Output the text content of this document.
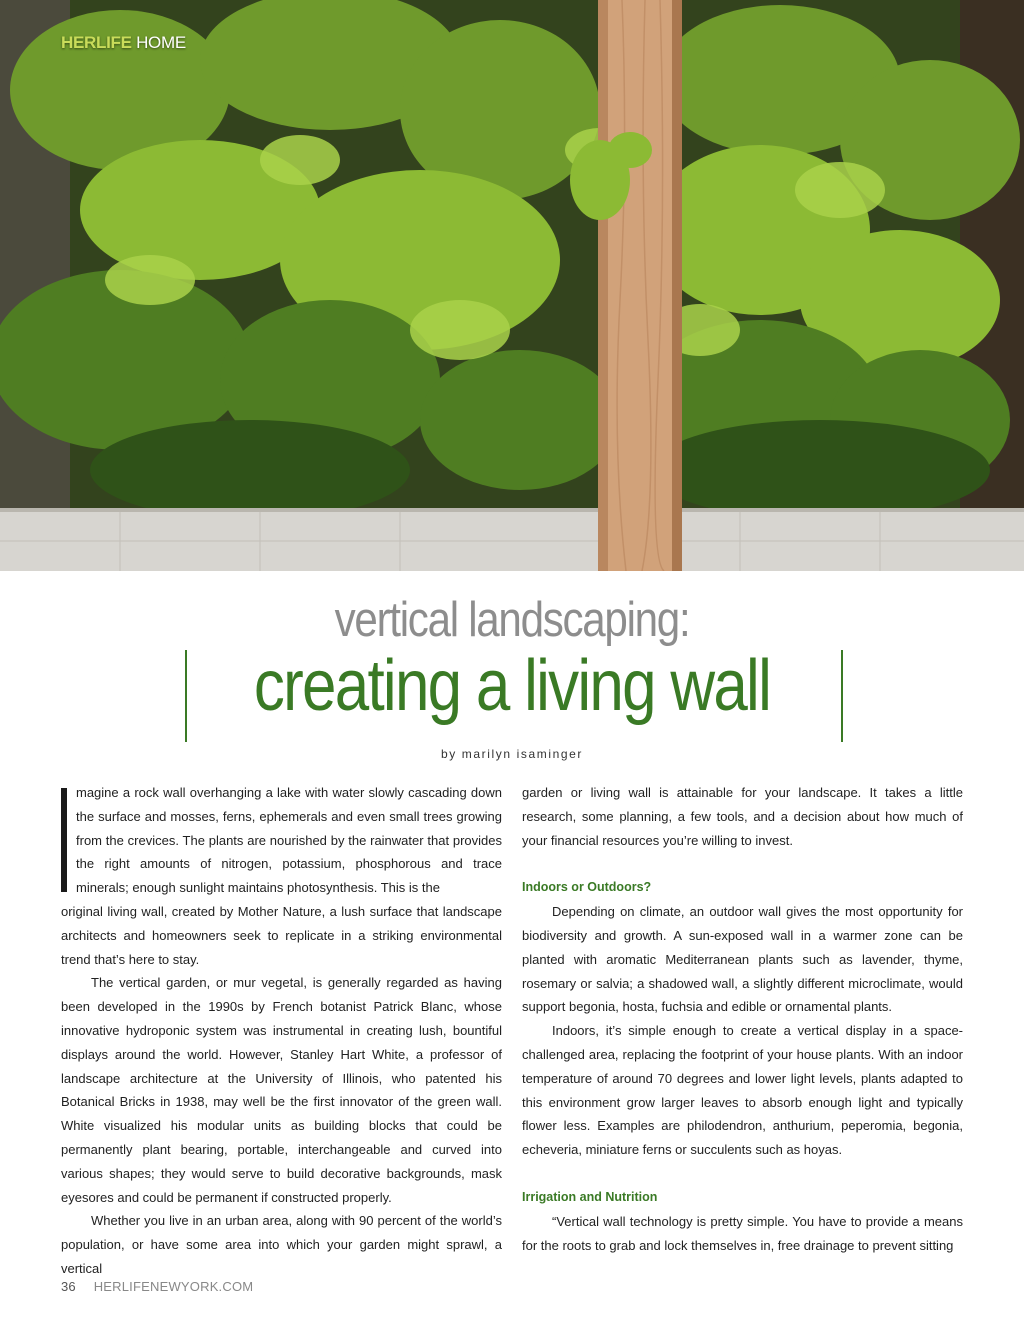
HERLIFE HOME
vertical landscaping:
creating a living wall
by marilyn isaminger

magine a rock wall overhanging a lake with water slowly cascading down the surface and mosses, ferns, ephemerals and even small trees growing from the crevices. The plants are nourished by the rainwater that provides the right amounts of nitrogen, potassium, phosphorous and trace minerals; enough sunlight maintains photosynthesis. This is the

original living wall, created by Mother Nature, a lush surface that landscape architects and homeowners seek to replicate in a striking environmental trend that’s here to stay.

The vertical garden, or mur vegetal, is generally regarded as having been developed in the 1990s by French botanist Patrick Blanc, whose innovative hydroponic system was instrumental in creating lush, bountiful displays around the world. However, Stanley Hart White, a professor of landscape architecture at the University of Illinois, who patented his Botanical Bricks in 1938, may well be the first innovator of the green wall. White visualized his modular units as building blocks that could be permanently plant bearing, portable, interchangeable and curved into various shapes; they would serve to build decorative backgrounds, mask eyesores and could be permanent if constructed properly.

Whether you live in an urban area, along with 90 percent of the world’s population, or have some area into which your garden might sprawl, a vertical

garden or living wall is attainable for your landscape. It takes a little research, some planning, a few tools, and a decision about how much of your financial resources you’re willing to invest.

Indoors or Outdoors?

Depending on climate, an outdoor wall gives the most opportunity for biodiversity and growth. A sun-exposed wall in a warmer zone can be planted with aromatic Mediterranean plants such as lavender, thyme, rosemary or salvia; a shadowed wall, a slightly different microclimate, would support begonia, hosta, fuchsia and edible or ornamental plants.

Indoors, it’s simple enough to create a vertical display in a space-challenged area, replacing the footprint of your house plants. With an indoor temperature of around 70 degrees and lower light levels, plants adapted to this environment grow larger leaves to absorb enough light and typically flower less. Examples are philodendron, anthurium, peperomia, begonia, echeveria, miniature ferns or succulents such as hoyas.

Irrigation and Nutrition

“Vertical wall technology is pretty simple. You have to provide a means for the roots to grab and lock themselves in, free drainage to prevent sitting

36 HERLIFENEWYORK.COM
